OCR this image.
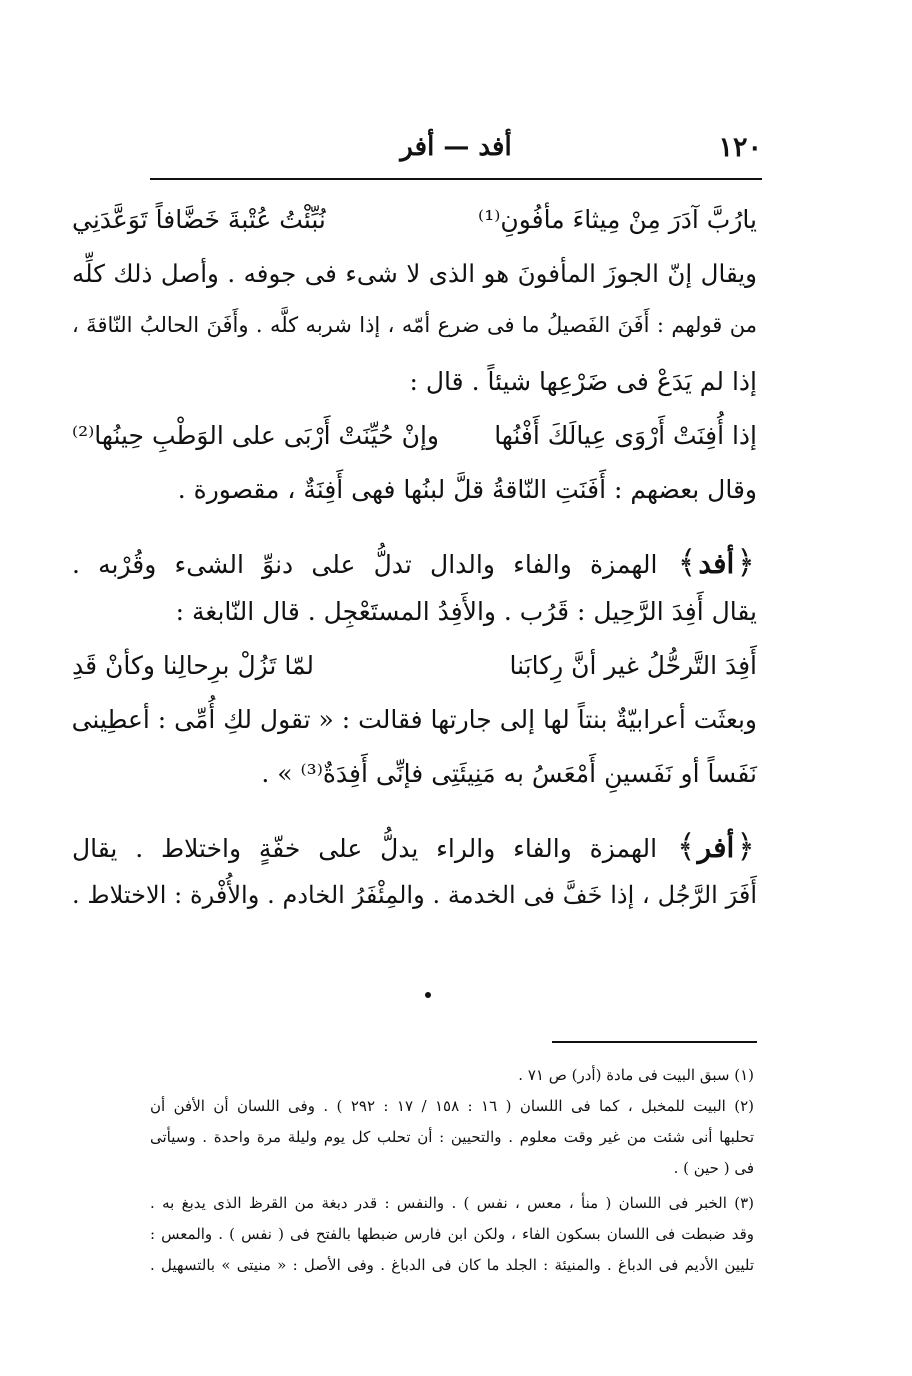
١٢٠
أفد — أفر
يارُبَّ آدَرَ مِنْ مِيثاءَ مأفُونِ⁽¹⁾
نُبِّئْتُ عُتْبةَ خَضَّافاً تَوَعَّدَنِي
ويقال إنّ الجوزَ المأفونَ هو الذى لا شىء فى جوفه . وأصل ذلك كلِّه
من قولهم : أَفَنَ الفَصيلُ ما فى ضرع أمّه ، إذا شربه كلَّه . وأَفَنَ الحالبُ النّاقةَ ،
إذا لم يَدَعْ فى ضَرْعِها شيئاً . قال :
إذا أُفِنَتْ أَرْوَى عِيالَكَ أَفْنُها
وإنْ حُيِّنَتْ أَرْبَى على الوَطْبِ حِينُها⁽²⁾
وقال بعضهم : أَفَنَتِ النّاقةُ قلَّ لبنُها فهى أَفِنَةٌ ، مقصورة .
﴿أفد﴾ الهمزة والفاء والدال تدلُّ على دنوِّ الشىء وقُرْبه .
يقال أَفِدَ الرَّحِيل : قَرُب . والأَفِدُ المستَعْجِل . قال النّابغة :
أَفِدَ التَّرحُّلُ غير أنَّ رِكابَنا
لمّا تَزُلْ برِحالِنا وكأنْ قَدِ
وبعثَت أعرابيّةٌ بنتاً لها إلى جارتها فقالت : « تقول لكِ أُمِّى : أعطِينى
نَفَساً أو نَفَسينِ أَمْعَسُ به مَنِيئَتِى فإنِّى أَفِدَةٌ⁽³⁾ » .
﴿أفر﴾ الهمزة والفاء والراء يدلُّ على خفّةٍ واختلاط . يقال
أَفَرَ الرَّجُل ، إذا خَفَّ فى الخدمة . والمِئْفَرُ الخادم . والأُفْرة : الاختلاط .
(١) سبق البيت فى مادة (أدر) ص ٧١ .
(٢) البيت للمخبل ، كما فى اللسان ( ١٦ : ١٥٨ / ١٧ : ٢٩٢ ) . وفى اللسان أن الأفن أن
تحلبها أنى شئت من غير وقت معلوم . والتحيين : أن تحلب كل يوم وليلة مرة واحدة . وسيأتى
فى ( حين ) .
(٣) الخبر فى اللسان ( منأ ، معس ، نفس ) . والنفس : قدر دبغة من القرظ الذى يدبغ به .
وقد ضبطت فى اللسان بسكون الفاء ، ولكن ابن فارس ضبطها بالفتح فى ( نفس ) . والمعس :
تليين الأديم فى الدباغ . والمنيئة : الجلد ما كان فى الدباغ . وفى الأصل : « منيتى » بالتسهيل .
